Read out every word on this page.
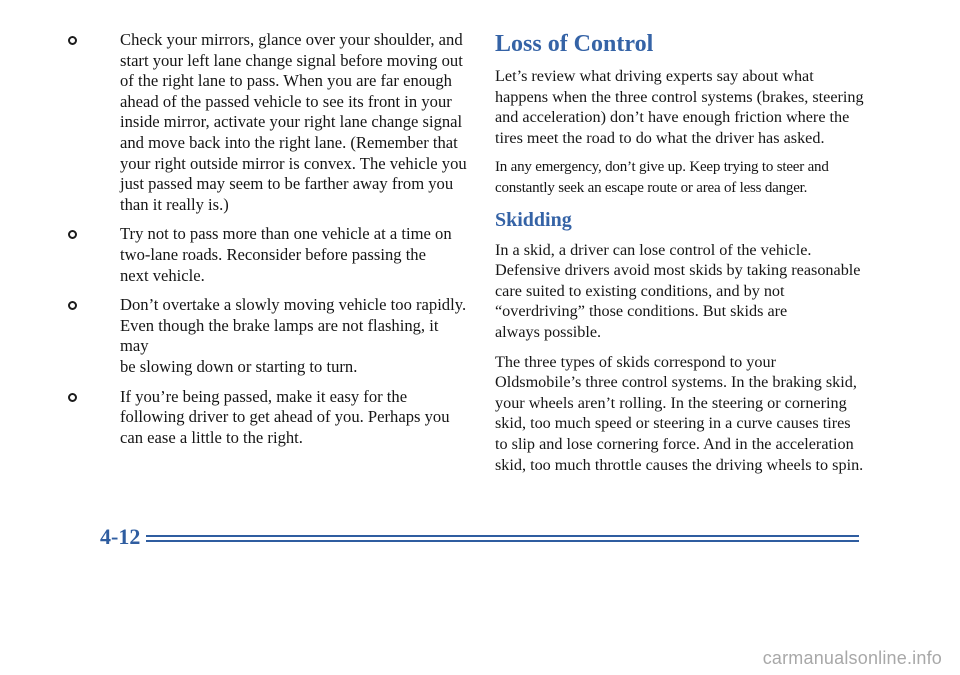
Check your mirrors, glance over your shoulder, and
start your left lane change signal before moving out
of the right lane to pass. When you are far enough
ahead of the passed vehicle to see its front in your
inside mirror, activate your right lane change signal
and move back into the right lane. (Remember that
your right outside mirror is convex. The vehicle you
just passed may seem to be farther away from you
than it really is.)
Try not to pass more than one vehicle at a time on
two-lane roads. Reconsider before passing the
next vehicle.
Don’t overtake a slowly moving vehicle too rapidly.
Even though the brake lamps are not flashing, it may
be slowing down or starting to turn.
If you’re being passed, make it easy for the
following driver to get ahead of you. Perhaps you
can ease a little to the right.
Loss of Control
Let’s review what driving experts say about what
happens when the three control systems (brakes, steering
and acceleration) don’t have enough friction where the
tires meet the road to do what the driver has asked.
In any emergency, don’t give up. Keep trying to steer and
constantly seek an escape route or area of less danger.
Skidding
In a skid, a driver can lose control of the vehicle.
Defensive drivers avoid most skids by taking reasonable
care suited to existing conditions, and by not
“overdriving” those conditions. But skids are
always possible.
The three types of skids correspond to your
Oldsmobile’s three control systems. In the braking skid,
your wheels aren’t rolling. In the steering or cornering
skid, too much speed or steering in a curve causes tires
to slip and lose cornering force. And in the acceleration
skid, too much throttle causes the driving wheels to spin.
4-12
carmanualsonline.info
